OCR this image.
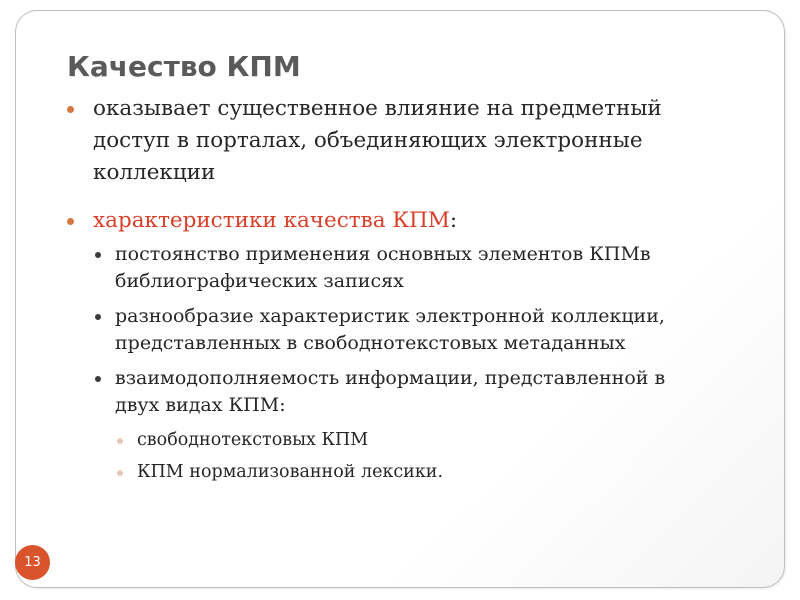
Качество КПМ
оказывает существенное влияние на предметный
доступ в порталах, объединяющих электронные
коллекции
характеристики качества КПМ:
постоянство применения основных элементов КПМв
библиографических записях
разнообразие характеристик электронной коллекции,
представленных в свободнотекстовых метаданных
взаимодополняемость информации, представленной в
двух видах КПМ:
свободнотекстовых КПМ
КПМ нормализованной лексики.
13
